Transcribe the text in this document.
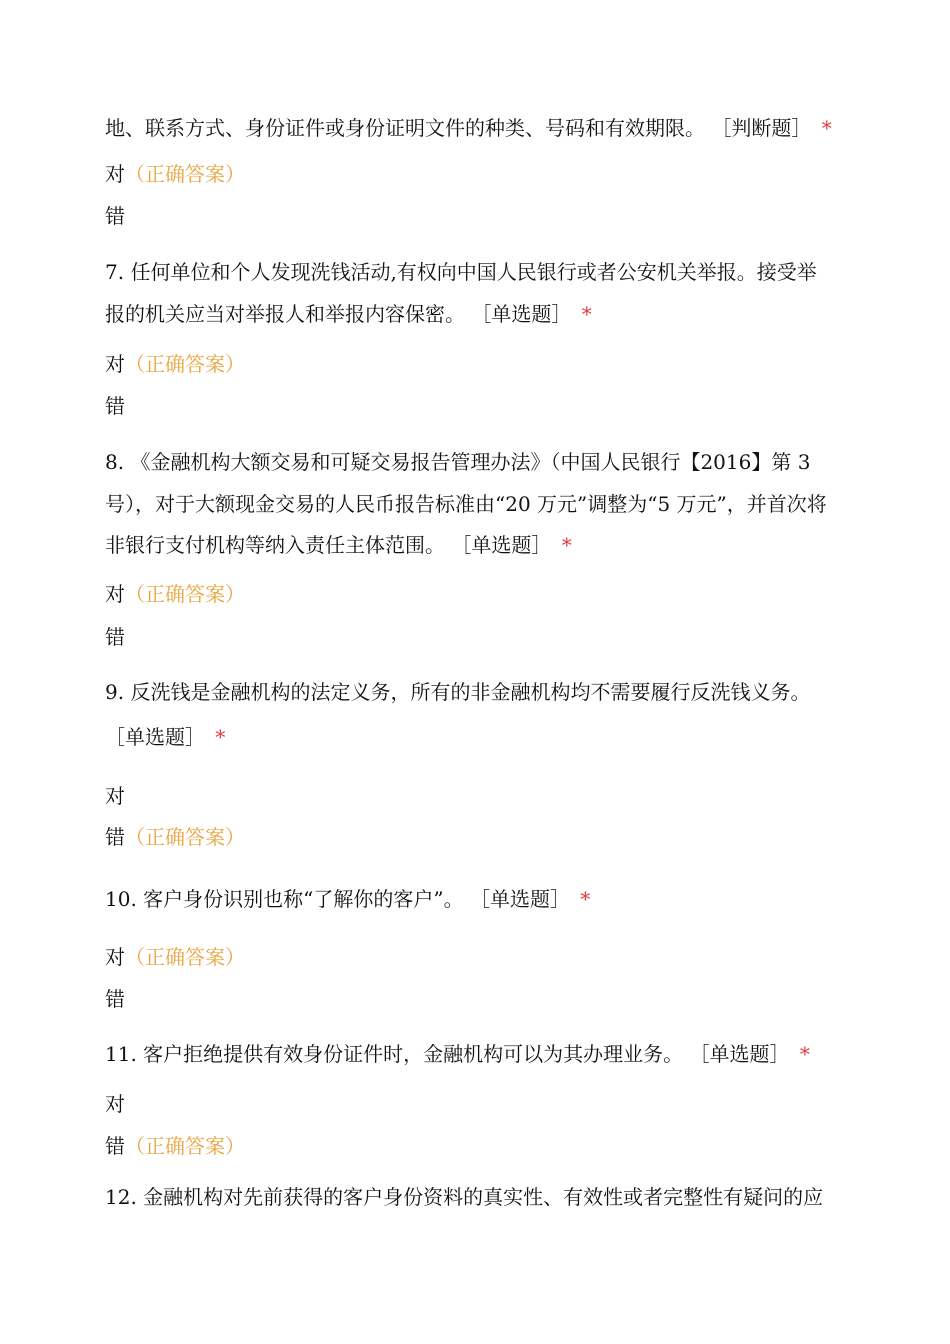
地、联系方式、身份证件或身份证明文件的种类、号码和有效期限。 ［判断题］ *
对（正确答案）
错
7. 任何单位和个人发现洗钱活动,有权向中国人民银行或者公安机关举报。接受举
报的机关应当对举报人和举报内容保密。 ［单选题］ *
对（正确答案）
错
8. 《金融机构大额交易和可疑交易报告管理办法》（中国人民银行【2016】第 3
号），对于大额现金交易的人民币报告标准由“20 万元”调整为“5 万元”，并首次将
非银行支付机构等纳入责任主体范围。 ［单选题］ *
对（正确答案）
错
9. 反洗钱是金融机构的法定义务，所有的非金融机构均不需要履行反洗钱义务。
［单选题］ *
对
错（正确答案）
10. 客户身份识别也称“了解你的客户”。 ［单选题］ *
对（正确答案）
错
11. 客户拒绝提供有效身份证件时，金融机构可以为其办理业务。 ［单选题］ *
对
错（正确答案）
12. 金融机构对先前获得的客户身份资料的真实性、有效性或者完整性有疑问的应
